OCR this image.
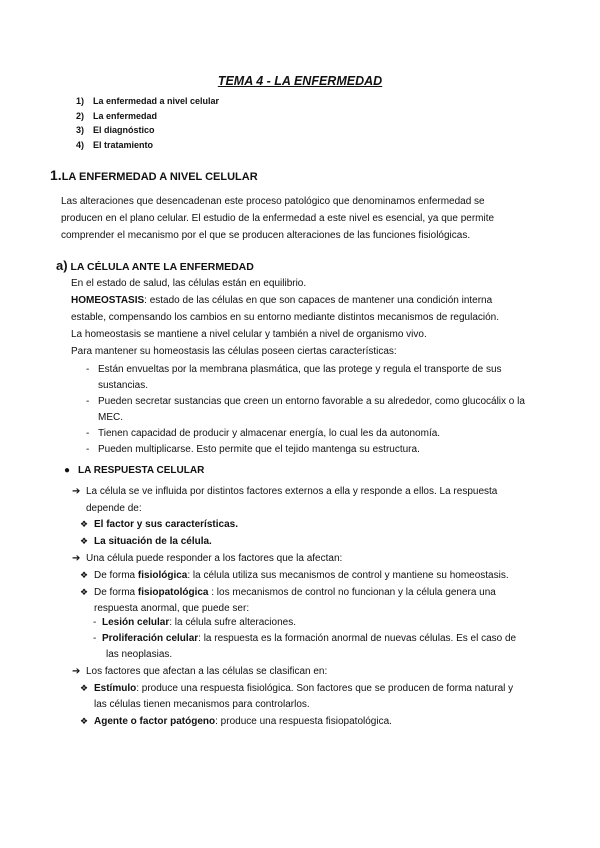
TEMA 4 - LA ENFERMEDAD
1) La enfermedad a nivel celular
2) La enfermedad
3) El diagnóstico
4) El tratamiento
1.LA ENFERMEDAD A NIVEL CELULAR
Las alteraciones que desencadenan este proceso patológico que denominamos enfermedad se producen en el plano celular. El estudio de la enfermedad a este nivel es esencial, ya que permite comprender el mecanismo por el que se producen alteraciones de las funciones fisiológicas.
a) LA CÉLULA ANTE LA ENFERMEDAD
En el estado de salud, las células están en equilibrio.
HOMEOSTASIS: estado de las células en que son capaces de mantener una condición interna
estable, compensando los cambios en su entorno mediante distintos mecanismos de regulación.
La homeostasis se mantiene a nivel celular y también a nivel de organismo vivo.
Para mantener su homeostasis las células poseen ciertas características:
- Están envueltas por la membrana plasmática, que las protege y regula el transporte de sus sustancias.
- Pueden secretar sustancias que creen un entorno favorable a su alrededor, como glucocálix o la MEC.
- Tienen capacidad de producir y almacenar energía, lo cual les da autonomía.
- Pueden multiplicarse. Esto permite que el tejido mantenga su estructura.
● LA RESPUESTA CELULAR
➔ La célula se ve influida por distintos factores externos a ella y responde a ellos. La respuesta
depende de:
❖ El factor y sus características.
❖ La situación de la célula.
➔ Una célula puede responder a los factores que la afectan:
❖ De forma fisiológica: la célula utiliza sus mecanismos de control y mantiene su homeostasis.
❖ De forma fisiopatológica : los mecanismos de control no funcionan y la célula genera una
respuesta anormal, que puede ser:
- Lesión celular: la célula sufre alteraciones.
- Proliferación celular: la respuesta es la formación anormal de nuevas células. Es el caso de
las neoplasias.
➔ Los factores que afectan a las células se clasifican en:
❖ Estímulo: produce una respuesta fisiológica. Son factores que se producen de forma natural y
las células tienen mecanismos para controlarlos.
❖ Agente o factor patógeno: produce una respuesta fisiopatológica.
